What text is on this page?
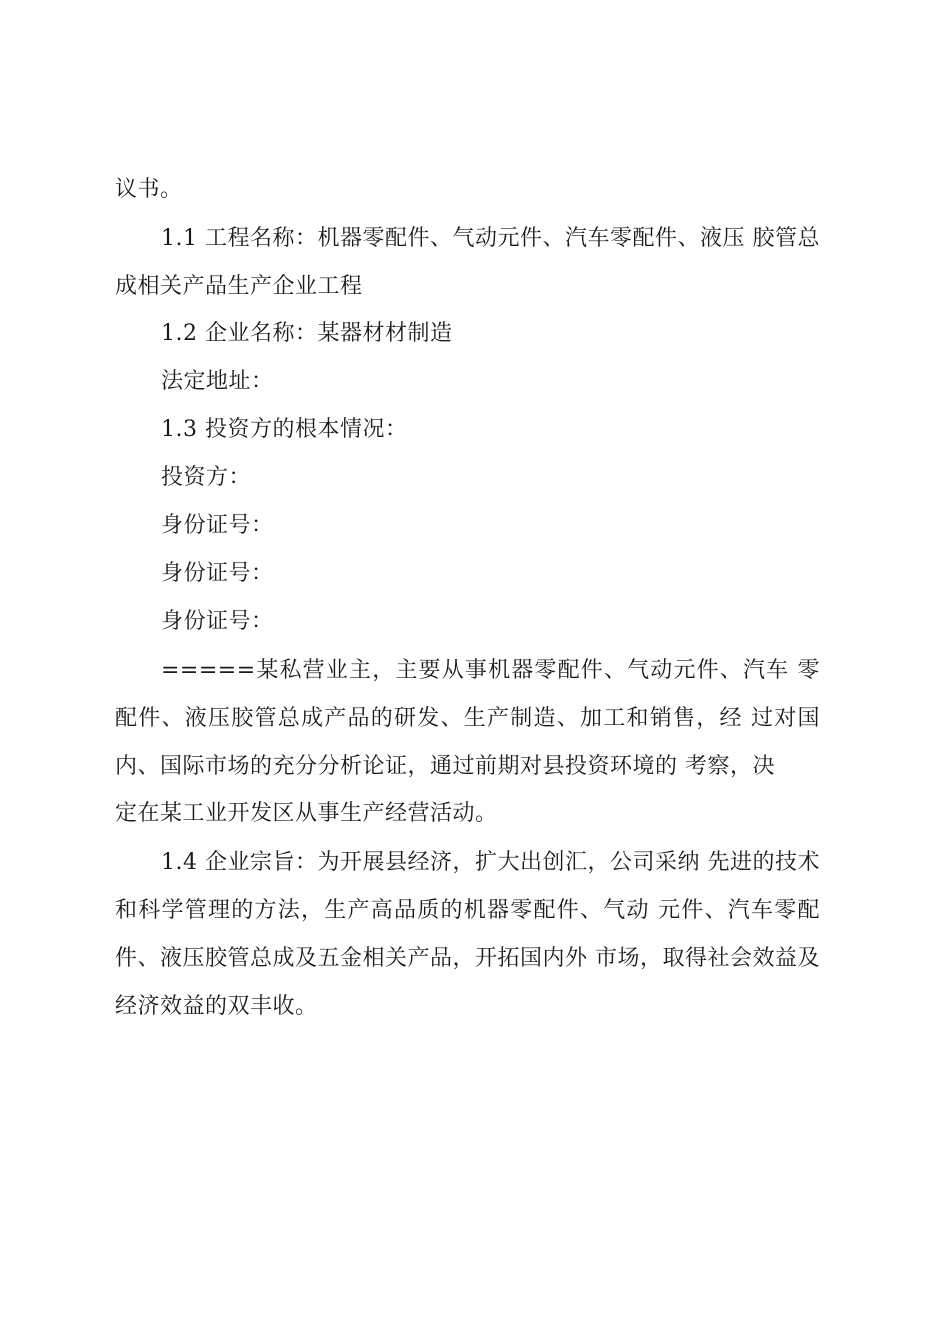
议书。
1.1 工程名称：机器零配件、气动元件、汽车零配件、液压 胶管总成相关产品生产企业工程
1.2 企业名称：某器材材制造
法定地址：
1.3 投资方的根本情况：
投资方：
身份证号：
身份证号：
身份证号：
=====某私营业主，主要从事机器零配件、气动元件、汽车 零配件、液压胶管总成产品的研发、生产制造、加工和销售，经 过对国内、国际市场的充分分析论证，通过前期对县投资环境的 考察，决
定在某工业开发区从事生产经营活动。
1.4 企业宗旨：为开展县经济，扩大出创汇，公司采纳 先进的技术和科学管理的方法，生产高品质的机器零配件、气动 元件、汽车零配件、液压胶管总成及五金相关产品，开拓国内外 市场，取得社会效益及经济效益的双丰收。
